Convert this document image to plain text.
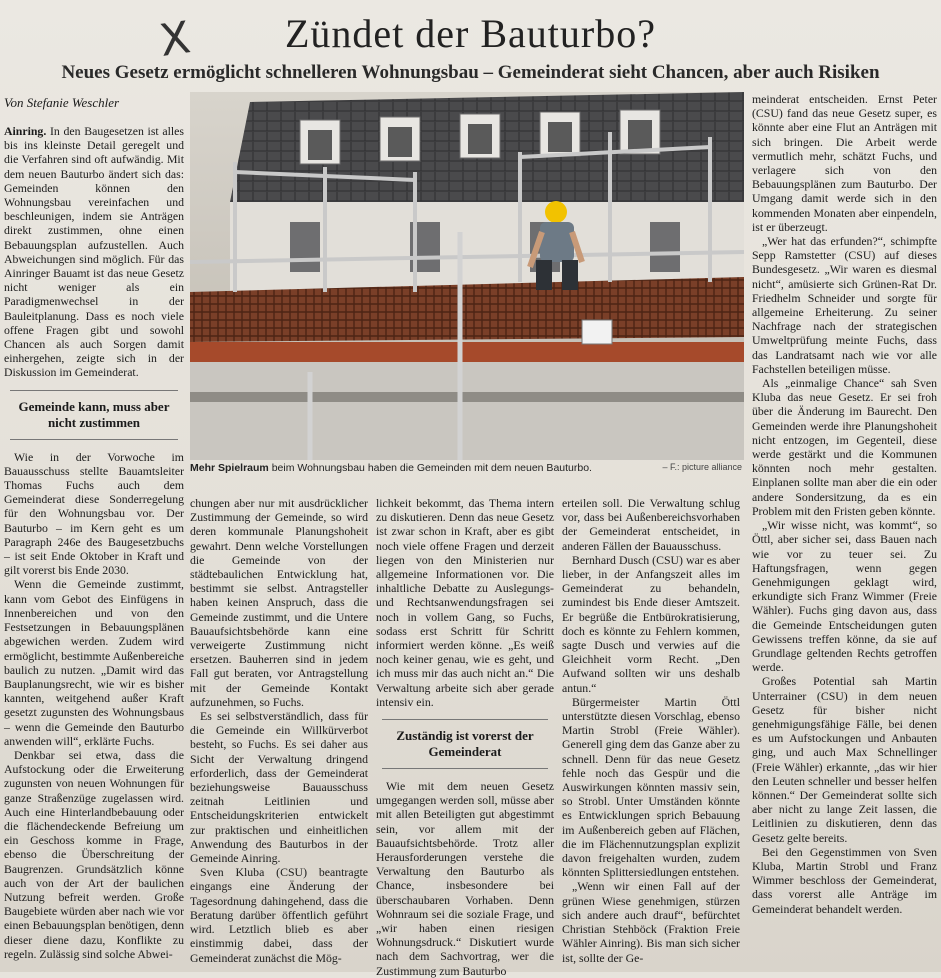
X	Zündet der Bauturbo?
Neues Gesetz ermöglicht schnelleren Wohnungsbau – Gemeinderat sieht Chancen, aber auch Risiken
Von Stefanie Weschler

Ainring. In den Baugesetzen ist alles bis ins kleinste Detail geregelt und die Verfahren sind oft aufwändig. Mit dem neuen Bauturbo ändert sich das: Gemeinden können den Wohnungsbau vereinfachen und beschleunigen, indem sie Anträgen direkt zustimmen, ohne einen Bebauungsplan aufzustellen. Auch Abweichungen sind möglich. Für das Ainringer Bauamt ist das neue Gesetz nicht weniger als ein Paradigmenwechsel in der Bauleitplanung. Dass es noch viele offene Fragen gibt und sowohl Chancen als auch Sorgen damit einhergehen, zeigte sich in der Diskussion im Gemeinderat.

Gemeinde kann, muss aber nicht zustimmen

Wie in der Vorwoche im Bauausschuss stellte Bauamtsleiter Thomas Fuchs auch dem Gemeinderat diese Sonderregelung für den Wohnungsbau vor. Der Bauturbo – im Kern geht es um Paragraph 246e des Baugesetzbuchs – ist seit Ende Oktober in Kraft und gilt vorerst bis Ende 2030.

Wenn die Gemeinde zustimmt, kann vom Gebot des Einfügens in Innenbereichen und von den Festsetzungen in Bebauungsplänen abgewichen werden. Zudem wird ermöglicht, bestimmte Außenbereiche baulich zu nutzen. „Damit wird das Bauplanungsrecht, wie wir es bisher kannten, weitgehend außer Kraft gesetzt zugunsten des Wohnungsbaus – wenn die Gemeinde den Bauturbo anwenden will“, erklärte Fuchs.

Denkbar sei etwa, dass die Aufstockung oder die Erweiterung zugunsten von neuen Wohnungen für ganze Straßenzüge zugelassen wird. Auch eine Hinterlandbebauung oder die flächendeckende Befreiung um ein Geschoss komme in Frage, ebenso die Überschreitung der Baugrenzen. Grundsätzlich könne auch von der Art der baulichen Nutzung befreit werden. Große Baugebiete würden aber nach wie vor einen Bebauungsplan benötigen, denn dieser diene dazu, Konflikte zu regeln. Zulässig sind solche Abwei-

Mehr Spielraum beim Wohnungsbau haben die Gemeinden mit dem neuen Bauturbo.	– F.: picture alliance

chungen aber nur mit ausdrücklicher Zustimmung der Gemeinde, so wird deren kommunale Planungshoheit gewahrt. Denn welche Vorstellungen die Gemeinde von der städtebaulichen Entwicklung hat, bestimmt sie selbst. Antragsteller haben keinen Anspruch, dass die Gemeinde zustimmt, und die Untere Bauaufsichtsbehörde kann eine verweigerte Zustimmung nicht ersetzen. Bauherren sind in jedem Fall gut beraten, vor Antragstellung mit der Gemeinde Kontakt aufzunehmen, so Fuchs.

Es sei selbstverständlich, dass für die Gemeinde ein Willkürverbot besteht, so Fuchs. Es sei daher aus Sicht der Verwaltung dringend erforderlich, dass der Gemeinderat beziehungsweise Bauausschuss zeitnah Leitlinien und Entscheidungskriterien entwickelt zur praktischen und einheitlichen Anwendung des Bauturbos in der Gemeinde Ainring.

Sven Kluba (CSU) beantragte eingangs eine Änderung der Tagesordnung dahingehend, dass die Beratung darüber öffentlich geführt wird. Letztlich blieb es aber einstimmig dabei, dass der Gemeinderat zunächst die Mög-

lichkeit bekommt, das Thema intern zu diskutieren. Denn das neue Gesetz ist zwar schon in Kraft, aber es gibt noch viele offene Fragen und derzeit liegen von den Ministerien nur allgemeine Informationen vor. Die inhaltliche Debatte zu Auslegungs- und Rechtsanwendungsfragen sei noch in vollem Gang, so Fuchs, sodass erst Schritt für Schritt informiert werden könne. „Es weiß noch keiner genau, wie es geht, und ich muss mir das auch nicht an.“ Die Verwaltung arbeite sich aber gerade intensiv ein.

Zuständig ist vorerst der Gemeinderat

Wie mit dem neuen Gesetz umgegangen werden soll, müsse aber mit allen Beteiligten gut abgestimmt sein, vor allem mit der Bauaufsichtsbehörde. Trotz aller Herausforderungen verstehe die Verwaltung den Bauturbo als Chance, insbesondere bei überschaubaren Vorhaben. Denn Wohnraum sei die soziale Frage, und „wir haben einen riesigen Wohnungsdruck.“ Diskutiert wurde nach dem Sachvortrag, wer die Zustimmung zum Bauturbo

erteilen soll. Die Verwaltung schlug vor, dass bei Außenbereichsvorhaben der Gemeinderat entscheidet, in anderen Fällen der Bauausschuss.

Bernhard Dusch (CSU) war es aber lieber, in der Anfangszeit alles im Gemeinderat zu behandeln, zumindest bis Ende dieser Amtszeit. Er begrüße die Entbürokratisierung, doch es könnte zu Fehlern kommen, sagte Dusch und verwies auf die Gleichheit vorm Recht. „Den Aufwand sollten wir uns deshalb antun.“

Bürgermeister Martin Öttl unterstützte diesen Vorschlag, ebenso Martin Strobl (Freie Wähler). Generell ging dem das Ganze aber zu schnell. Denn für das neue Gesetz fehle noch das Gespür und die Auswirkungen könnten massiv sein, so Strobl. Unter Umständen könnte es Entwicklungen sprich Bebauung im Außenbereich geben auf Flächen, die im Flächennutzungsplan explizit davon freigehalten wurden, zudem könnten Splittersiedlungen entstehen.

„Wenn wir einen Fall auf der grünen Wiese genehmigen, stürzen sich andere auch drauf“, befürchtet Christian Stehböck (Fraktion Freie Wähler Ainring). Bis man sich sicher ist, sollte der Ge-

meinderat entscheiden. Ernst Peter (CSU) fand das neue Gesetz super, es könnte aber eine Flut an Anträgen mit sich bringen. Die Arbeit werde vermutlich mehr, schätzt Fuchs, und verlagere sich von den Bebauungsplänen zum Bauturbo. Der Umgang damit werde sich in den kommenden Monaten aber einpendeln, ist er überzeugt.

„Wer hat das erfunden?“, schimpfte Sepp Ramstetter (CSU) auf dieses Bundesgesetz. „Wir waren es diesmal nicht“, amüsierte sich Grünen-Rat Dr. Friedhelm Schneider und sorgte für allgemeine Erheiterung. Zu seiner Nachfrage nach der strategischen Umweltprüfung meinte Fuchs, dass das Landratsamt nach wie vor alle Fachstellen beteiligen müsse.

Als „einmalige Chance“ sah Sven Kluba das neue Gesetz. Er sei froh über die Änderung im Baurecht. Den Gemeinden werde ihre Planungshoheit nicht entzogen, im Gegenteil, diese werde gestärkt und die Kommunen könnten noch mehr gestalten. Einplanen sollte man aber die ein oder andere Sondersitzung, da es ein Problem mit den Fristen geben könnte.

„Wir wisse nicht, was kommt“, so Öttl, aber sicher sei, dass Bauen nach wie vor zu teuer sei. Zu Haftungsfragen, wenn gegen Genehmigungen geklagt wird, erkundigte sich Franz Wimmer (Freie Wähler). Fuchs ging davon aus, dass die Gemeinde Entscheidungen guten Gewissens treffen könne, da sie auf Grundlage geltenden Rechts getroffen werde.

Großes Potential sah Martin Unterrainer (CSU) in dem neuen Gesetz für bisher nicht genehmigungsfähige Fälle, bei denen es um Aufstockungen und Anbauten ging, und auch Max Schnellinger (Freie Wähler) erkannte, „das wir hier den Leuten schneller und besser helfen können.“ Der Gemeinderat sollte sich aber nicht zu lange Zeit lassen, die Leitlinien zu diskutieren, denn das Gesetz gelte bereits.

Bei den Gegenstimmen von Sven Kluba, Martin Strobl und Franz Wimmer beschloss der Gemeinderat, dass vorerst alle Anträge im Gemeinderat behandelt werden.
